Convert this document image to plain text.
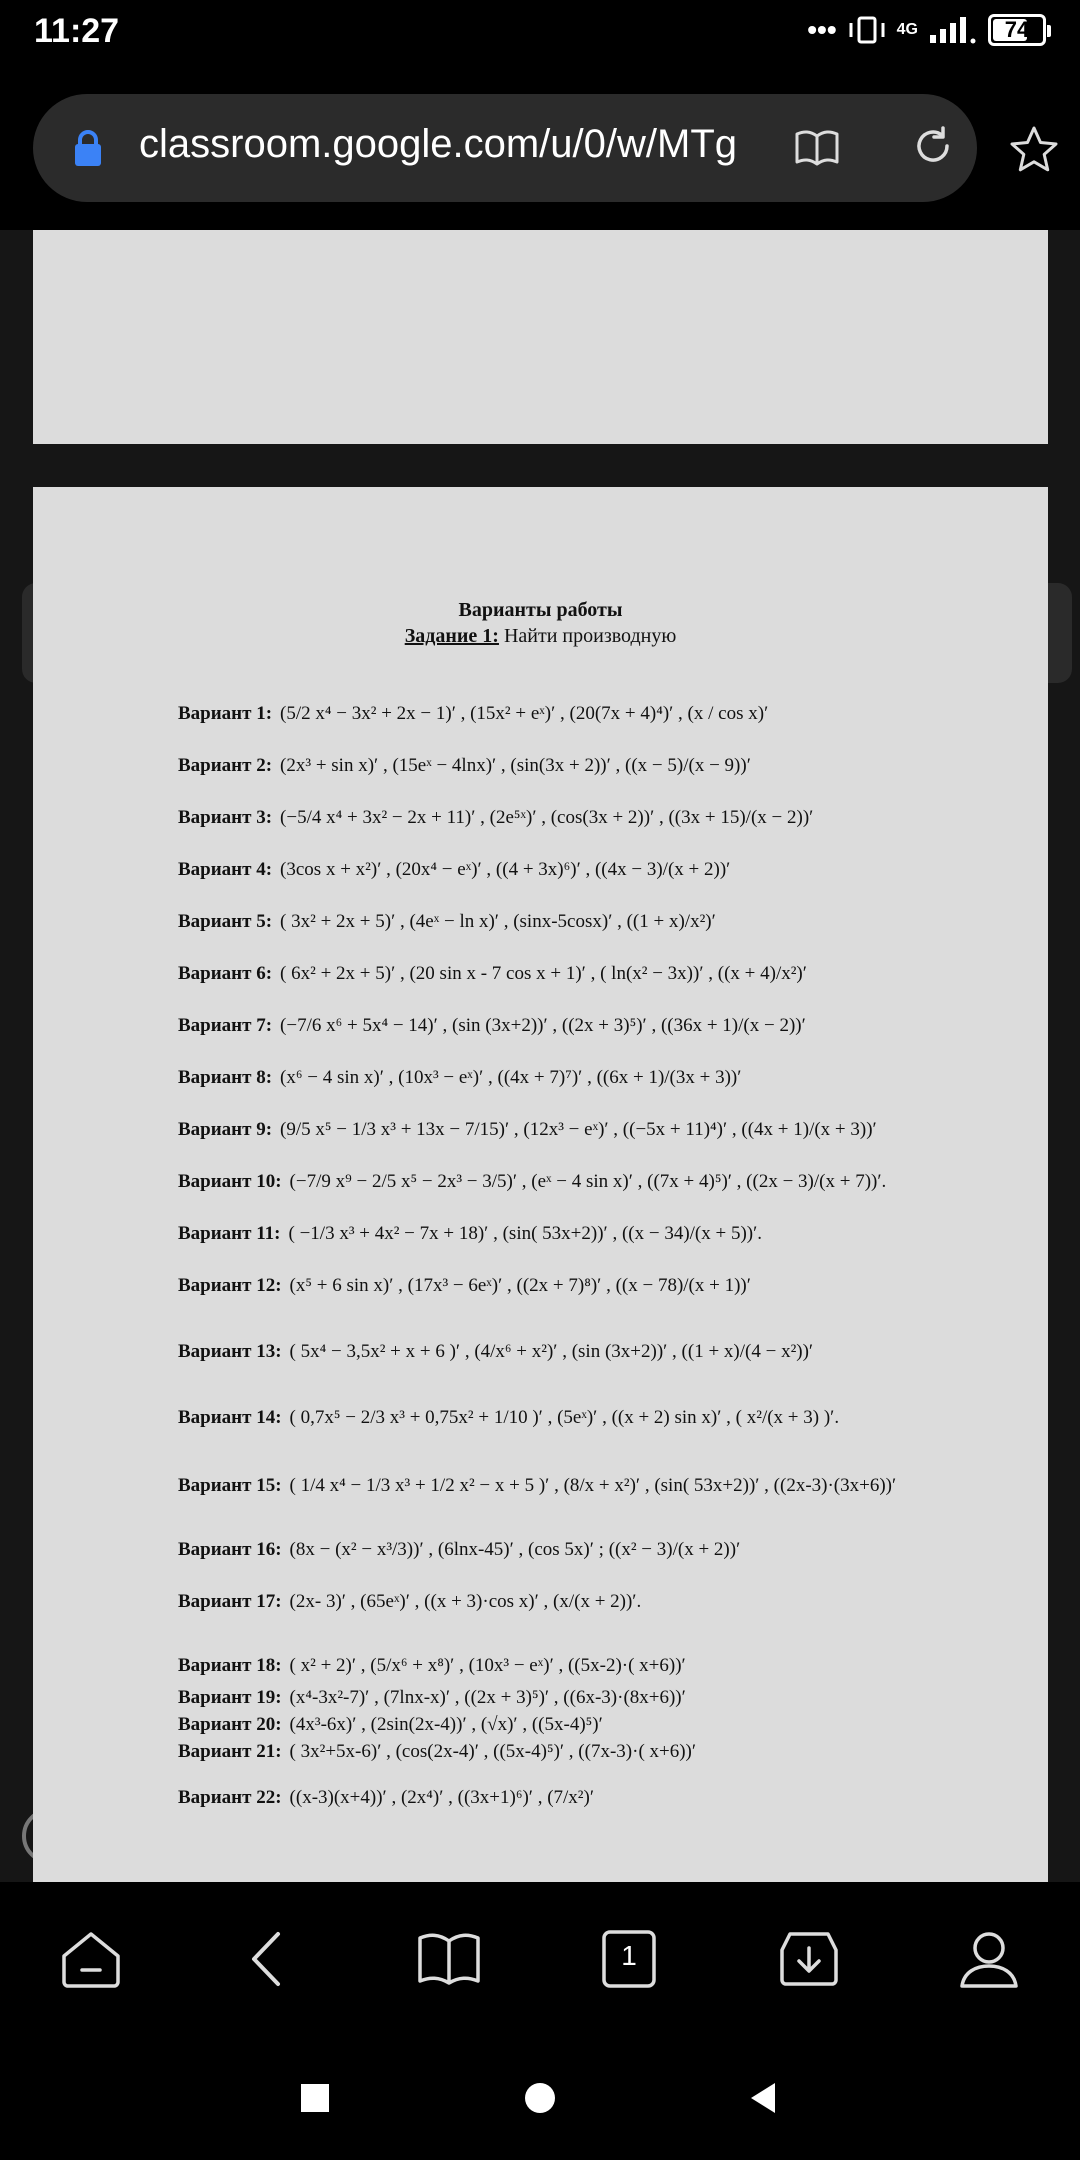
11:27	•••	4G	74
classroom.google.com/u/0/w/MTg
Варианты работы
Задание 1: Найти производную
Вариант 1: (5/2 x⁴ − 3x² + 2x − 1)′ , (15x² + eˣ)′ , (20(7x + 4)⁴)′ , (x / cos x)′
Вариант 2: (2x³ + sin x)′ , (15eˣ − 4lnx)′ , (sin(3x + 2))′ , ((x − 5)/(x − 9))′
Вариант 3: (−5/4 x⁴ + 3x² − 2x + 11)′ , (2e⁵ˣ)′ , (cos(3x + 2))′ , ((3x + 15)/(x − 2))′
Вариант 4: (3cos x + x²)′ , (20x⁴ − eˣ)′ , ((4 + 3x)⁶)′ , ((4x − 3)/(x + 2))′
Вариант 5: ( 3x² + 2x + 5)′ , (4eˣ − ln x)′ , (sinx-5cosx)′ , ((1 + x)/x²)′
Вариант 6: ( 6x² + 2x + 5)′ , (20 sin x - 7 cos x + 1)′ , ( ln(x² − 3x))′ , ((x + 4)/x²)′
Вариант 7: (−7/6 x⁶ + 5x⁴ − 14)′ , (sin (3x+2))′ , ((2x + 3)⁵)′ , ((36x + 1)/(x − 2))′
Вариант 8: (x⁶ − 4 sin x)′ , (10x³ − eˣ)′ , ((4x + 7)⁷)′ , ((6x + 1)/(3x + 3))′
Вариант 9: (9/5 x⁵ − 1/3 x³ + 13x − 7/15)′ , (12x³ − eˣ)′ , ((−5x + 11)⁴)′ , ((4x + 1)/(x + 3))′
Вариант 10: (−7/9 x⁹ − 2/5 x⁵ − 2x³ − 3/5)′ , (eˣ − 4 sin x)′ , ((7x + 4)⁵)′ , ((2x − 3)/(x + 7))′.
Вариант 11: ( −1/3 x³ + 4x² − 7x + 18)′ , (sin( 53x+2))′ , ((x − 34)/(x + 5))′.
Вариант 12: (x⁵ + 6 sin x)′ , (17x³ − 6eˣ)′ , ((2x + 7)⁸)′ , ((x − 78)/(x + 1))′
Вариант 13: ( 5x⁴ − 3,5x² + x + 6 )′ , (4/x⁶ + x²)′ , (sin (3x+2))′ , ((1 + x)/(4 − x²))′
Вариант 14: ( 0,7x⁵ − 2/3 x³ + 0,75x² + 1/10 )′ , (5eˣ)′ , ((x + 2) sin x)′ , ( x²/(x + 3) )′.
Вариант 15: ( 1/4 x⁴ − 1/3 x³ + 1/2 x² − x + 5 )′ , (8/x + x²)′ , (sin( 53x+2))′ , ((2x-3)·(3x+6))′
Вариант 16: (8x − (x² − x³/3))′ , (6lnx-45)′ , (cos 5x)′ ; ((x² − 3)/(x + 2))′
Вариант 17: (2x- 3)′ , (65eˣ)′ , ((x + 3)·cos x)′ , (x/(x + 2))′.
Вариант 18: ( x² + 2)′ , (5/x⁶ + x⁸)′ , (10x³ − eˣ)′ , ((5x-2)·( x+6))′
Вариант 19: (x⁴-3x²-7)′ , (7lnx-x)′ , ((2x + 3)⁵)′ , ((6x-3)·(8x+6))′
Вариант 20: (4x³-6x)′ , (2sin(2x-4))′ , (√x)′ , ((5x-4)⁵)′
Вариант 21: ( 3x²+5x-6)′ , (cos(2x-4)′ , ((5x-4)⁵)′ , ((7x-3)·( x+6))′
Вариант 22: ((x-3)(x+4))′ , (2x⁴)′ , ((3x+1)⁶)′ , (7/x²)′
1
